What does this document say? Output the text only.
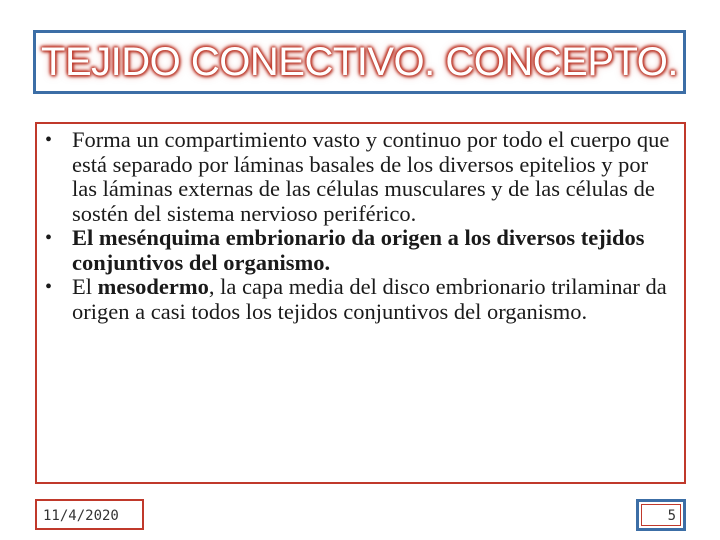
TEJIDO CONECTIVO. CONCEPTO.
• Forma un compartimiento vasto y continuo por todo el cuerpo que está separado por láminas basales de los diversos epitelios y por las láminas externas de las células musculares y de las células de sostén del sistema nervioso periférico.
• El mesénquima embrionario da origen a los diversos tejidos conjuntivos del organismo.
• El mesodermo, la capa media del disco embrionario trilaminar da origen a casi todos los tejidos conjuntivos del organismo.
11/4/2020	5
